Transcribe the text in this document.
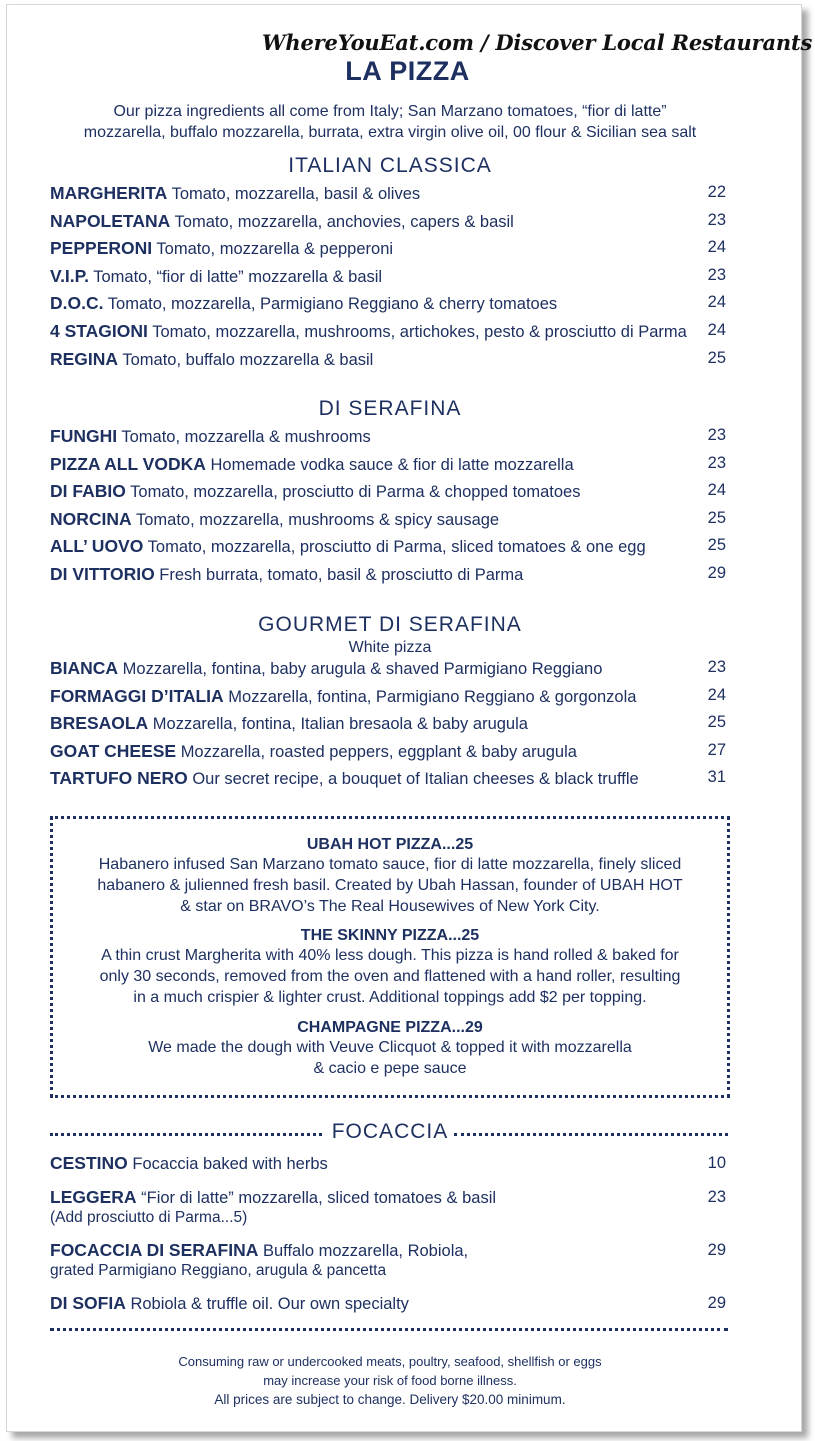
WhereYouEat.com / Discover Local Restaurants
LA PIZZA
Our pizza ingredients all come from Italy; San Marzano tomatoes, “fior di latte”
mozzarella, buffalo mozzarella, burrata, extra virgin olive oil, 00 flour & Sicilian sea salt
ITALIAN CLASSICA
MARGHERITA Tomato, mozzarella, basil & olives	22
NAPOLETANA Tomato, mozzarella, anchovies, capers & basil	23
PEPPERONI Tomato, mozzarella & pepperoni	24
V.I.P. Tomato, “fior di latte” mozzarella & basil	23
D.O.C. Tomato, mozzarella, Parmigiano Reggiano & cherry tomatoes	24
4 STAGIONI Tomato, mozzarella, mushrooms, artichokes, pesto & prosciutto di Parma 24
REGINA Tomato, buffalo mozzarella & basil	25
DI SERAFINA
FUNGHI Tomato, mozzarella & mushrooms	23
PIZZA ALL VODKA Homemade vodka sauce & fior di latte mozzarella	23
DI FABIO Tomato, mozzarella, prosciutto di Parma & chopped tomatoes	24
NORCINA Tomato, mozzarella, mushrooms & spicy sausage	25
ALL’ UOVO Tomato, mozzarella, prosciutto di Parma, sliced tomatoes & one egg	25
DI VITTORIO Fresh burrata, tomato, basil & prosciutto di Parma	29
GOURMET DI SERAFINA
White pizza
BIANCA Mozzarella, fontina, baby arugula & shaved Parmigiano Reggiano	23
FORMAGGI D’ITALIA Mozzarella, fontina, Parmigiano Reggiano & gorgonzola	24
BRESAOLA Mozzarella, fontina, Italian bresaola & baby arugula	25
GOAT CHEESE Mozzarella, roasted peppers, eggplant & baby arugula	27
TARTUFO NERO Our secret recipe, a bouquet of Italian cheeses & black truffle	31
UBAH HOT PIZZA...25
Habanero infused San Marzano tomato sauce, fior di latte mozzarella, finely sliced
habanero & julienned fresh basil. Created by Ubah Hassan, founder of UBAH HOT
& star on BRAVO’s The Real Housewives of New York City.
THE SKINNY PIZZA...25
A thin crust Margherita with 40% less dough. This pizza is hand rolled & baked for
only 30 seconds, removed from the oven and flattened with a hand roller, resulting
in a much crispier & lighter crust. Additional toppings add $2 per topping.
CHAMPAGNE PIZZA...29
We made the dough with Veuve Clicquot & topped it with mozzarella
& cacio e pepe sauce
FOCACCIA
CESTINO Focaccia baked with herbs	10
LEGGERA “Fior di latte” mozzarella, sliced tomatoes & basil	23
(Add prosciutto di Parma...5)
FOCACCIA DI SERAFINA Buffalo mozzarella, Robiola,	29
grated Parmigiano Reggiano, arugula & pancetta
DI SOFIA Robiola & truffle oil. Our own specialty	29
Consuming raw or undercooked meats, poultry, seafood, shellfish or eggs
may increase your risk of food borne illness.
All prices are subject to change. Delivery $20.00 minimum.
